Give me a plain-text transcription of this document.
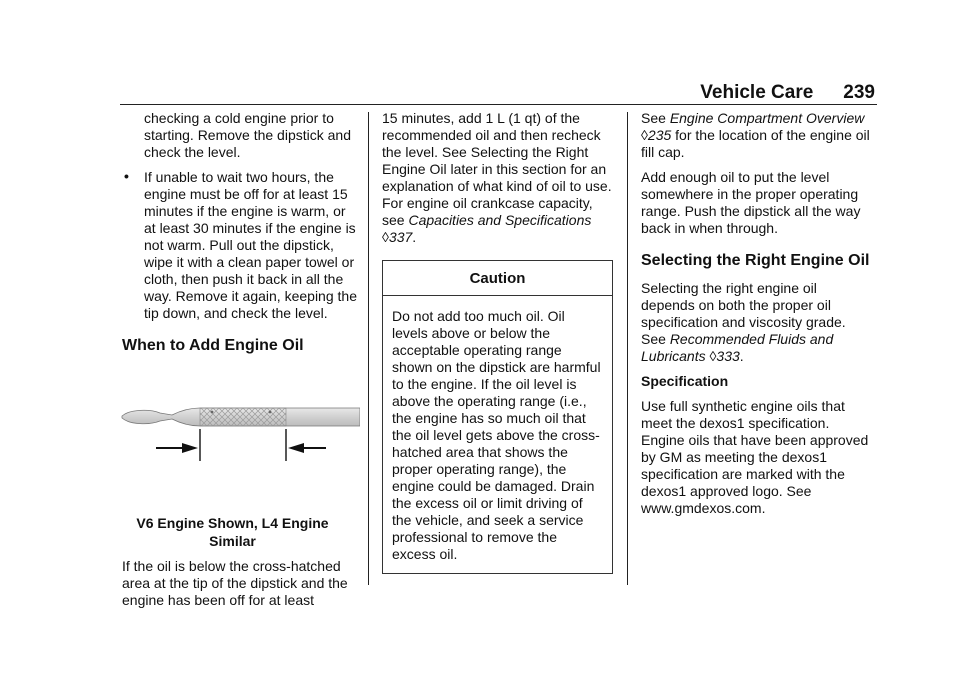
Vehicle Care 239

checking a cold engine prior to starting. Remove the dipstick and check the level.

• If unable to wait two hours, the engine must be off for at least 15 minutes if the engine is warm, or at least 30 minutes if the engine is not warm. Pull out the dipstick, wipe it with a clean paper towel or cloth, then push it back in all the way. Remove it again, keeping the tip down, and check the level.

When to Add Engine Oil

V6 Engine Shown, L4 Engine Similar

If the oil is below the cross-hatched area at the tip of the dipstick and the engine has been off for at least

15 minutes, add 1 L (1 qt) of the recommended oil and then recheck the level. See Selecting the Right Engine Oil later in this section for an explanation of what kind of oil to use. For engine oil crankcase capacity, see Capacities and Specifications ◊337.

Caution
Do not add too much oil. Oil levels above or below the acceptable operating range shown on the dipstick are harmful to the engine. If the oil level is above the operating range (i.e., the engine has so much oil that the oil level gets above the cross-hatched area that shows the proper operating range), the engine could be damaged. Drain the excess oil or limit driving of the vehicle, and seek a service professional to remove the excess oil.

See Engine Compartment Overview ◊235 for the location of the engine oil fill cap.

Add enough oil to put the level somewhere in the proper operating range. Push the dipstick all the way back in when through.

Selecting the Right Engine Oil

Selecting the right engine oil depends on both the proper oil specification and viscosity grade. See Recommended Fluids and Lubricants ◊333.

Specification

Use full synthetic engine oils that meet the dexos1 specification. Engine oils that have been approved by GM as meeting the dexos1 specification are marked with the dexos1 approved logo. See www.gmdexos.com.
